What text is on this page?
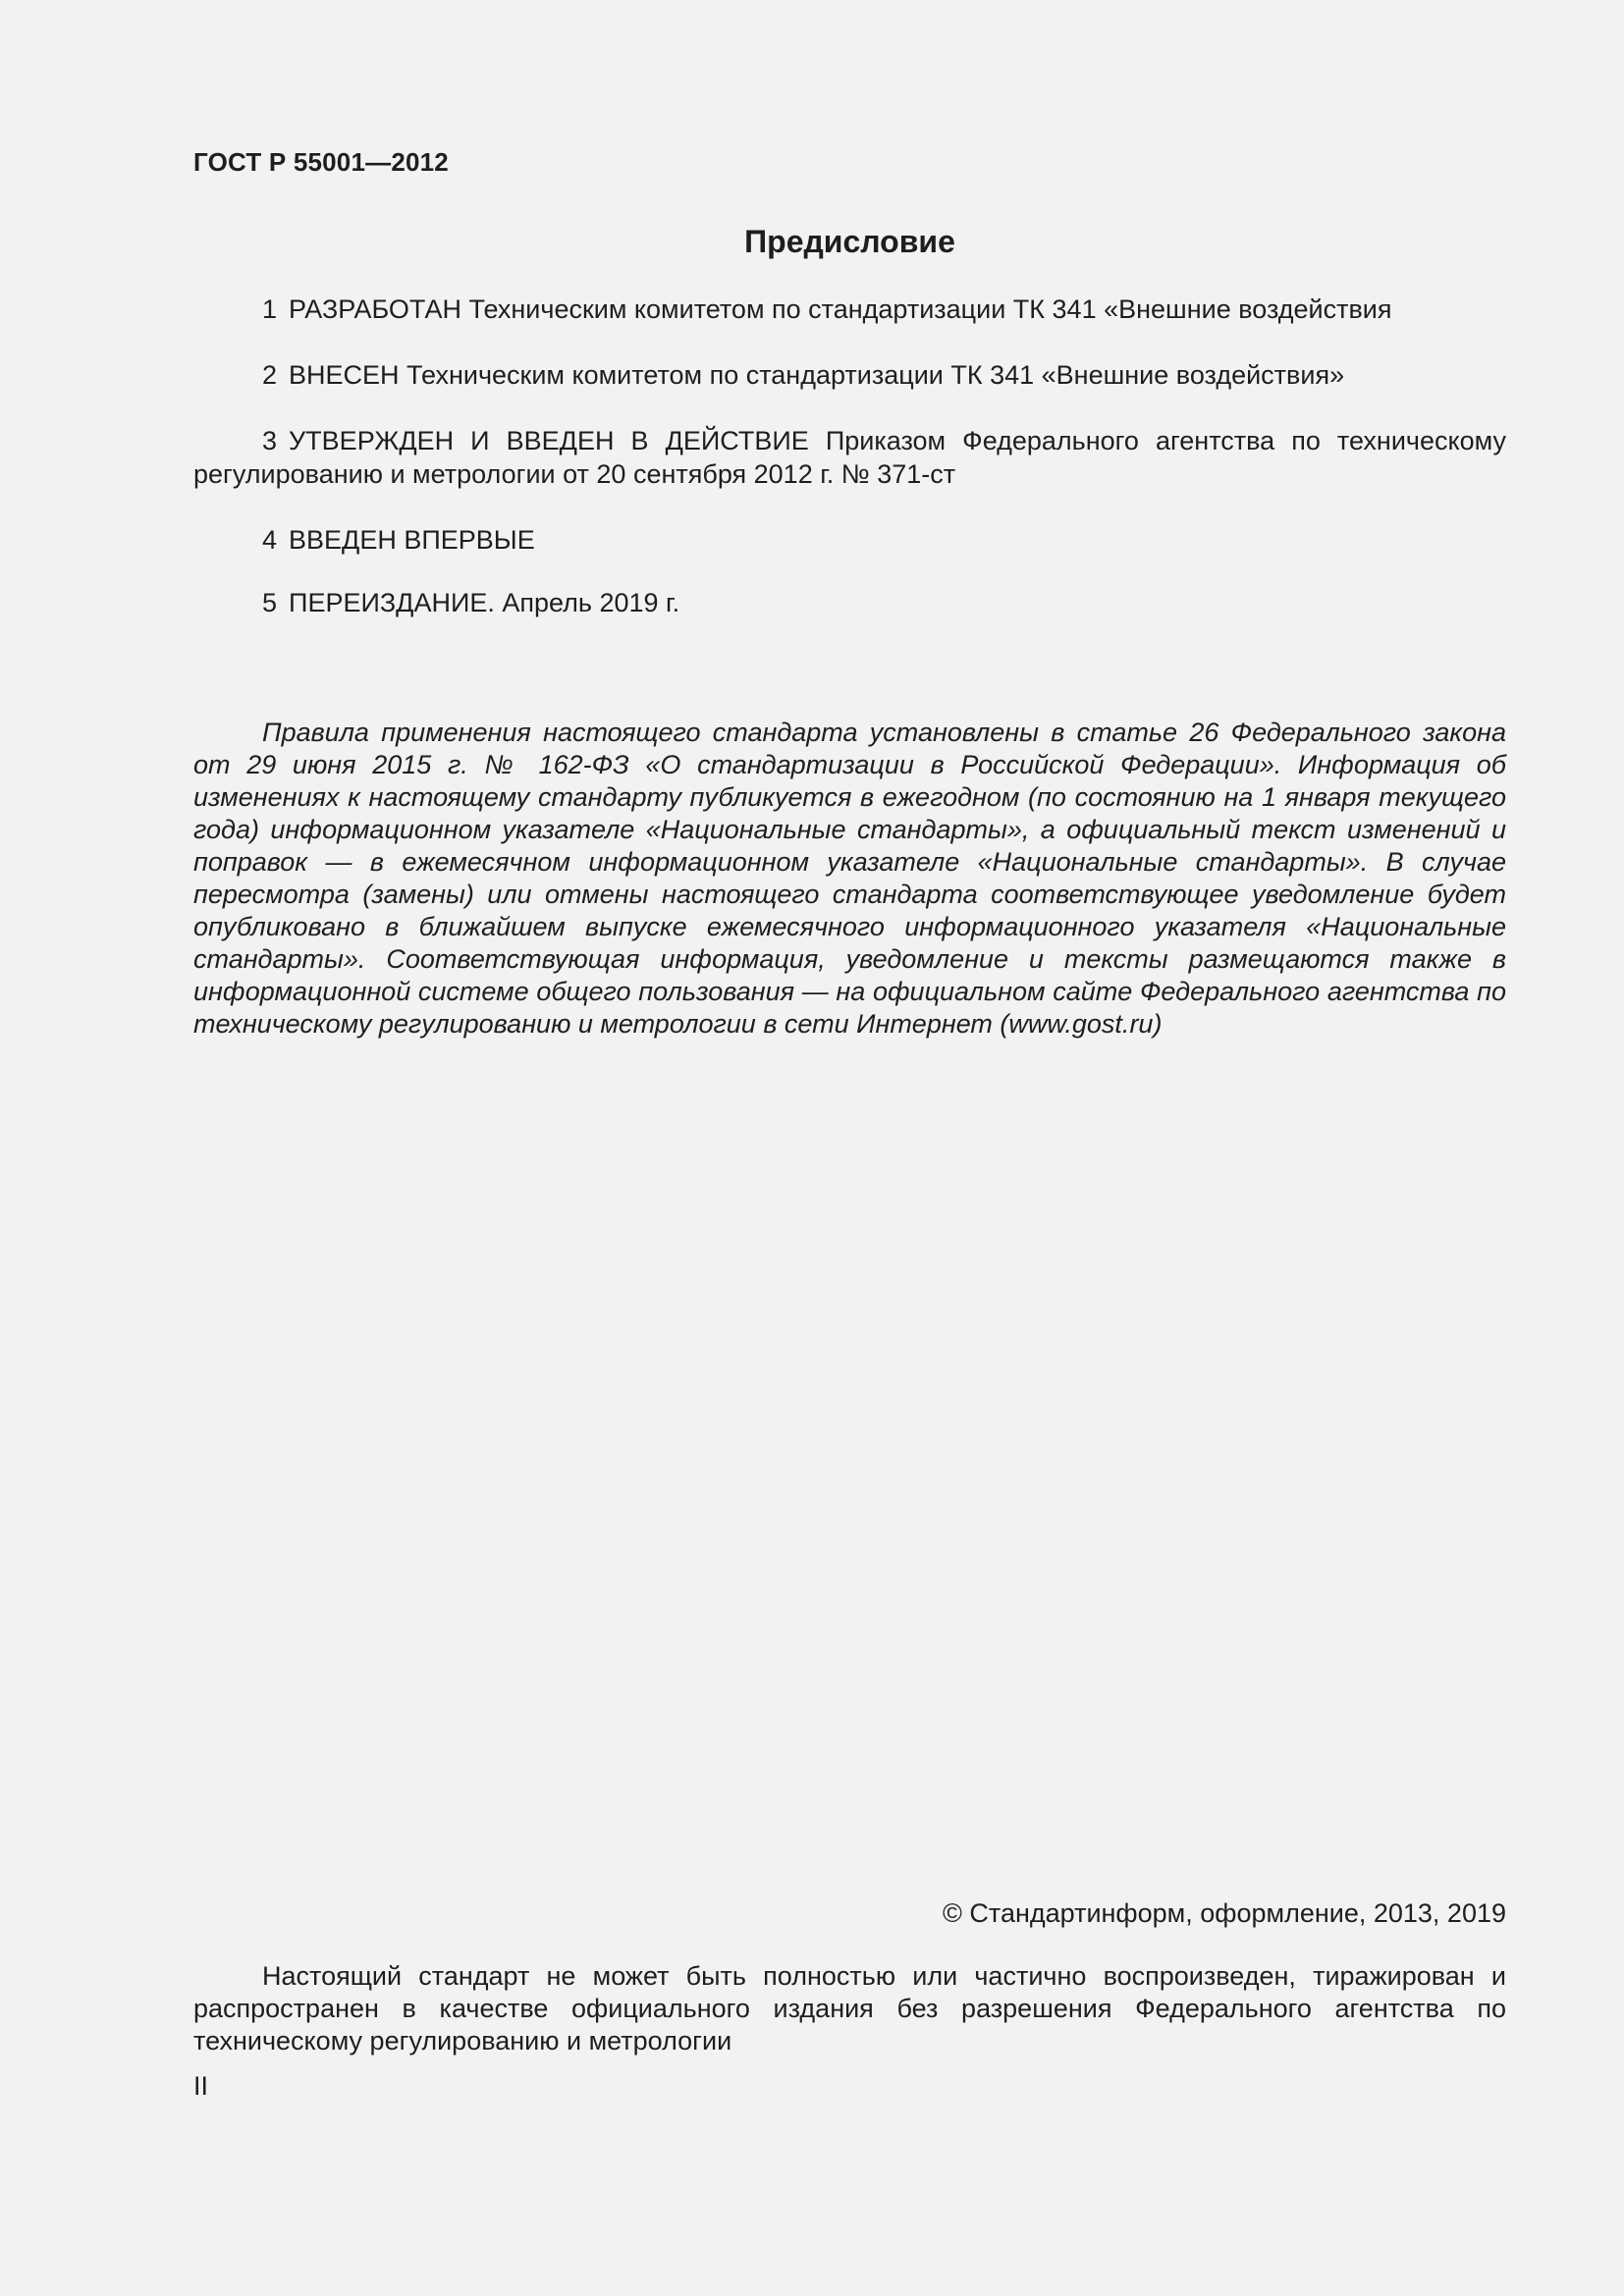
ГОСТ Р 55001—2012
Предисловие
1 РАЗРАБОТАН Техническим комитетом по стандартизации ТК 341 «Внешние воздействия
2 ВНЕСЕН Техническим комитетом по стандартизации ТК 341 «Внешние воздействия»
3 УТВЕРЖДЕН И ВВЕДЕН В ДЕЙСТВИЕ Приказом Федерального агентства по техническому регулированию и метрологии от 20 сентября 2012 г. № 371-ст
4 ВВЕДЕН ВПЕРВЫЕ
5 ПЕРЕИЗДАНИЕ. Апрель 2019 г.
Правила применения настоящего стандарта установлены в статье 26 Федерального закона от 29 июня 2015 г. № 162-ФЗ «О стандартизации в Российской Федерации». Информация об изменениях к настоящему стандарту публикуется в ежегодном (по состоянию на 1 января текущего года) информационном указателе «Национальные стандарты», а официальный текст изменений и поправок — в ежемесячном информационном указателе «Национальные стандарты». В случае пересмотра (замены) или отмены настоящего стандарта соответствующее уведомление будет опубликовано в ближайшем выпуске ежемесячного информационного указателя «Национальные стандарты». Соответствующая информация, уведомление и тексты размещаются также в информационной системе общего пользования — на официальном сайте Федерального агентства по техническому регулированию и метрологии в сети Интернет (www.gost.ru)
© Стандартинформ, оформление, 2013, 2019
Настоящий стандарт не может быть полностью или частично воспроизведен, тиражирован и распространен в качестве официального издания без разрешения Федерального агентства по техническому регулированию и метрологии
II
